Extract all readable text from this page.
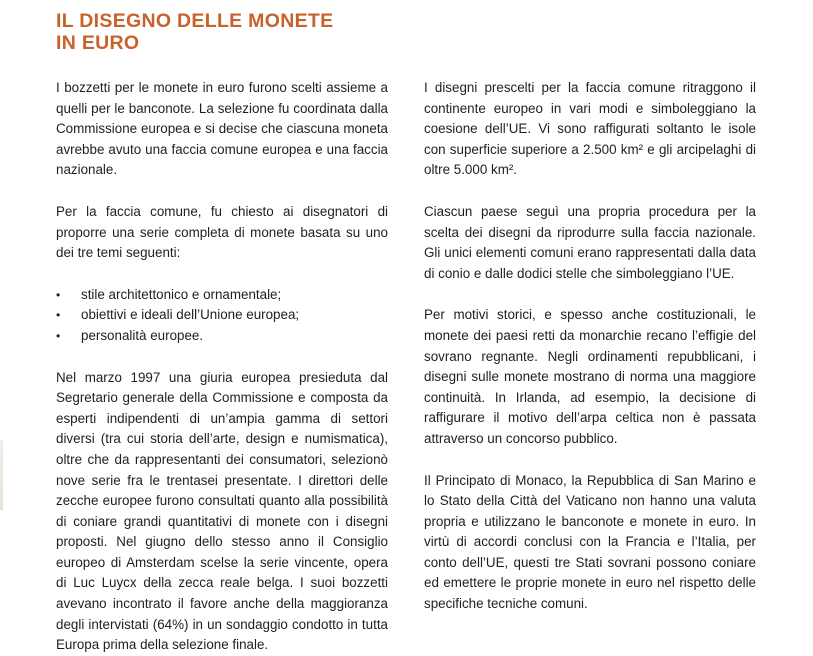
IL DISEGNO DELLE MONETE
IN EURO

I bozzetti per le monete in euro furono scelti assieme a quelli per le banconote. La selezione fu coordinata dalla Commissione europea e si decise che ciascuna moneta avrebbe avuto una faccia comune europea e una faccia nazionale.

Per la faccia comune, fu chiesto ai disegnatori di proporre una serie completa di monete basata su uno dei tre temi seguenti:

• stile architettonico e ornamentale;
• obiettivi e ideali dell’Unione europea;
• personalità europee.

Nel marzo 1997 una giuria europea presieduta dal Segretario generale della Commissione e composta da esperti indipendenti di un’ampia gamma di settori diversi (tra cui storia dell’arte, design e numismatica), oltre che da rappresentanti dei consumatori, selezionò nove serie fra le trentasei presentate. I direttori delle zecche europee furono consultati quanto alla possibilità di coniare grandi quantitativi di monete con i disegni proposti. Nel giugno dello stesso anno il Consiglio europeo di Amsterdam scelse la serie vincente, opera di Luc Luycx della zecca reale belga. I suoi bozzetti avevano incontrato il favore anche della maggioranza degli intervistati (64%) in un sondaggio condotto in tutta Europa prima della selezione finale.

I disegni prescelti per la faccia comune ritraggono il continente europeo in vari modi e simboleggiano la coesione dell’UE. Vi sono raffigurati soltanto le isole con superficie superiore a 2.500 km² e gli arcipelaghi di oltre 5.000 km².

Ciascun paese seguì una propria procedura per la scelta dei disegni da riprodurre sulla faccia nazionale. Gli unici elementi comuni erano rappresentati dalla data di conio e dalle dodici stelle che simboleggiano l’UE.

Per motivi storici, e spesso anche costituzionali, le monete dei paesi retti da monarchie recano l’effigie del sovrano regnante. Negli ordinamenti repubblicani, i disegni sulle monete mostrano di norma una maggiore continuità. In Irlanda, ad esempio, la decisione di raffigurare il motivo dell’arpa celtica non è passata attraverso un concorso pubblico.

Il Principato di Monaco, la Repubblica di San Marino e lo Stato della Città del Vaticano non hanno una valuta propria e utilizzano le banconote e monete in euro. In virtù di accordi conclusi con la Francia e l’Italia, per conto dell’UE, questi tre Stati sovrani possono coniare ed emettere le proprie monete in euro nel rispetto delle specifiche tecniche comuni.
